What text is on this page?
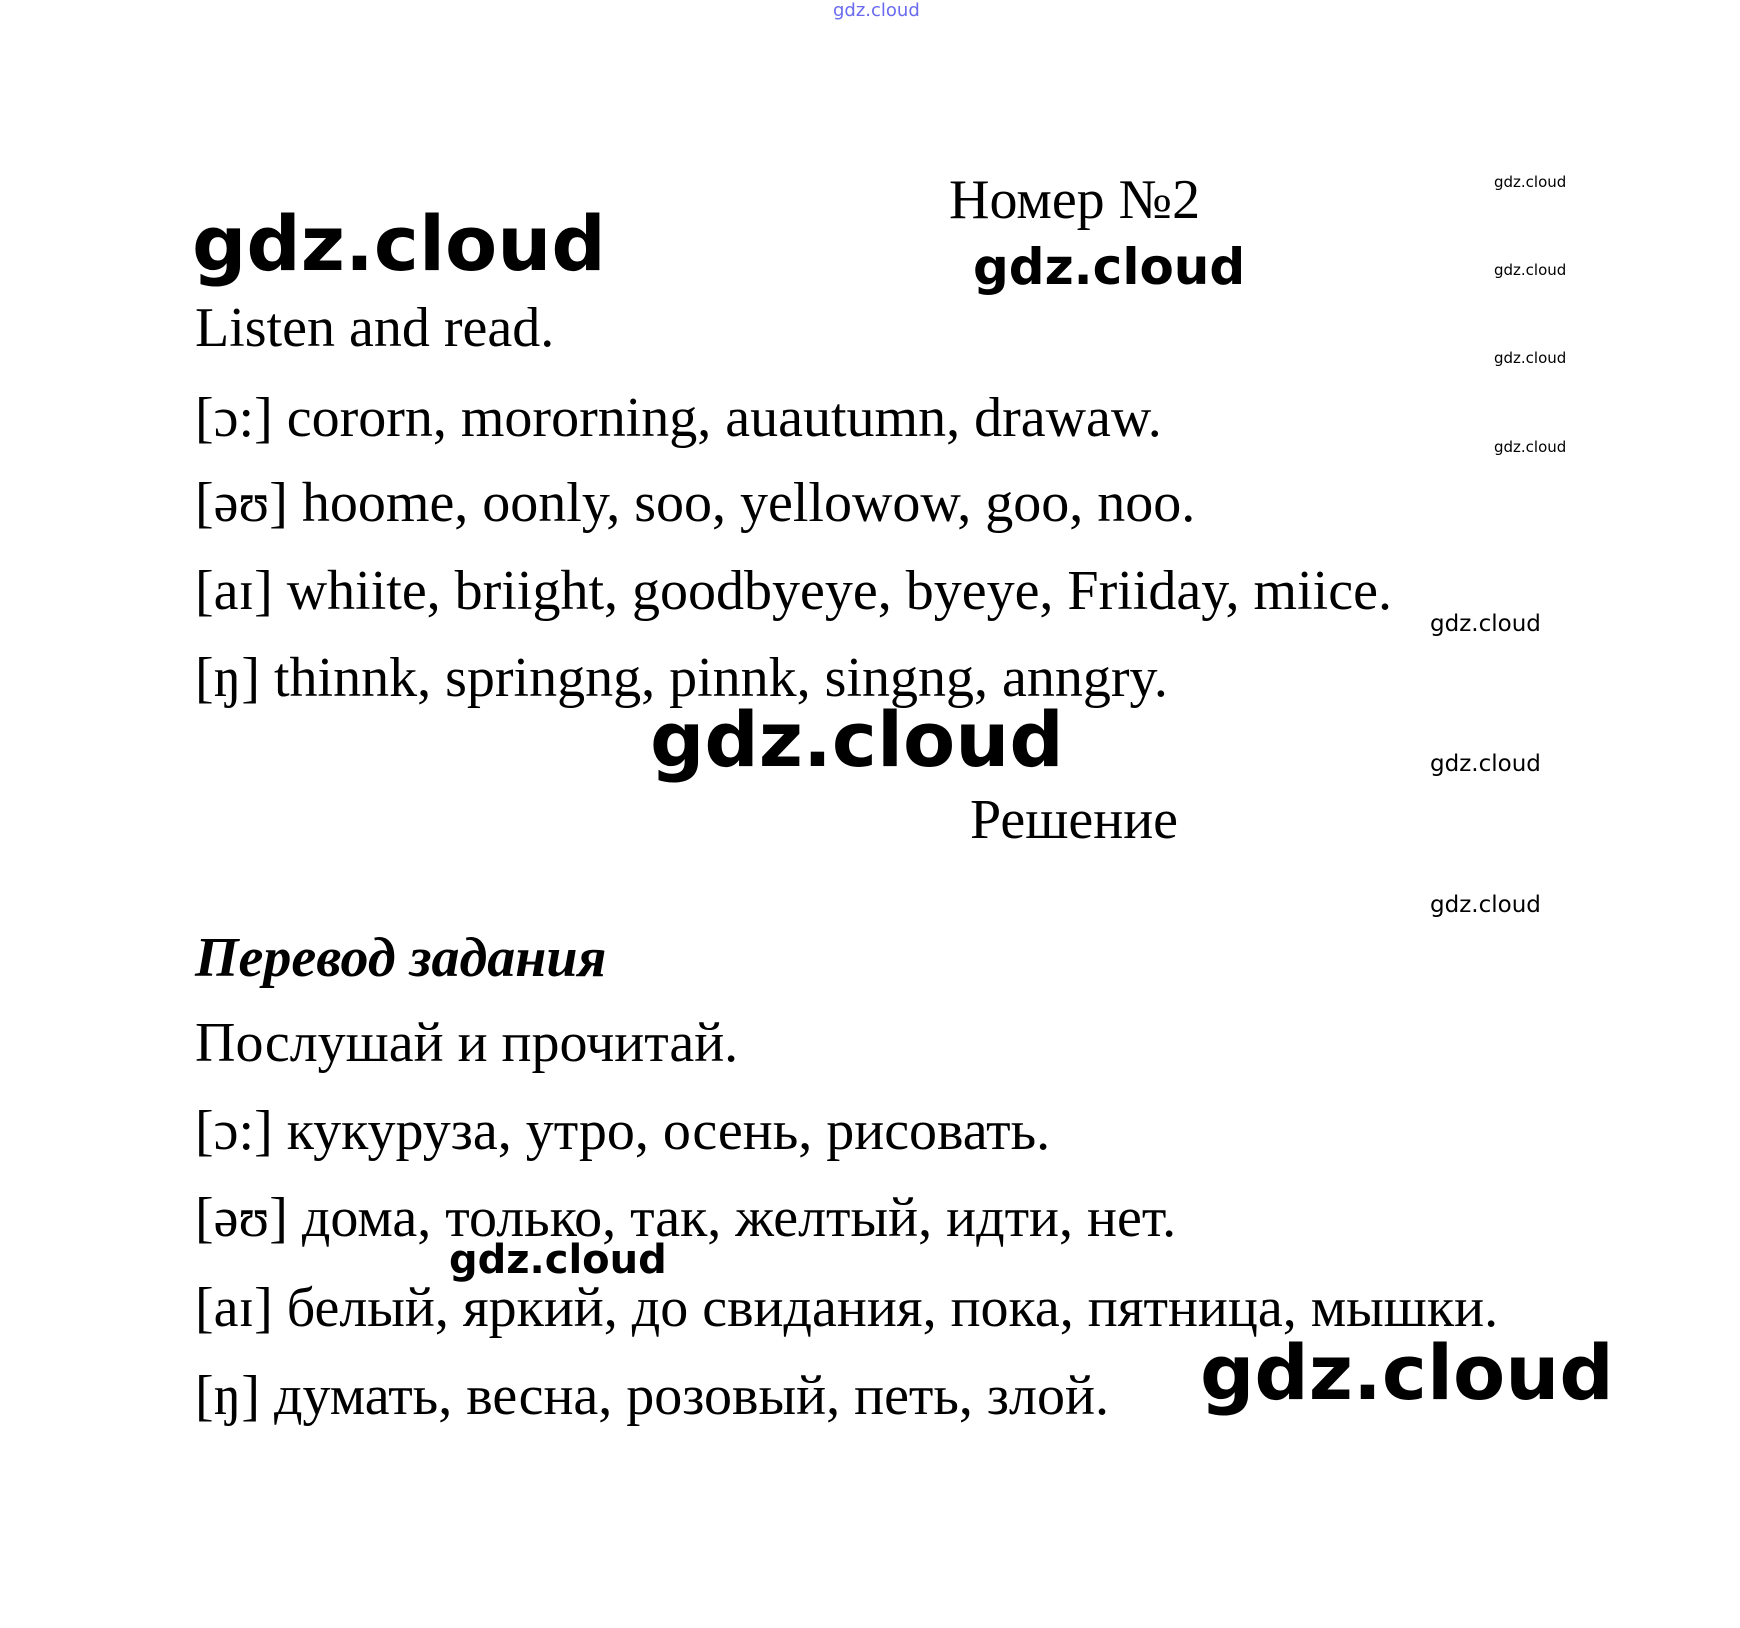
Номер №2
Listen and read.
[ɔ:] cororn, mororning, auautumn, drawaw.
[əʊ] hoome, oonly, soo, yellowow, goo, noo.
[aɪ] whiite, briight, goodbyeye, byeye, Friiday, miice.
[ŋ] thinnk, springng, pinnk, singng, anngry.
Решение
Перевод задания
Послушай и прочитай.
[ɔ:] кукуруза, утро, осень, рисовать.
[əʊ] дома, только, так, желтый, идти, нет.
[aɪ] белый, яркий, до свидания, пока, пятница, мышки.
[ŋ] думать, весна, розовый, петь, злой.
gdz.cloud
gdz.cloud	gdz.cloud
gdz.cloud
gdz.cloud
gdz.cloud
gdz.cloud
gdz.cloud
gdz.cloud
gdz.cloud
gdz.cloud
gdz.cloud
gdz.cloud
